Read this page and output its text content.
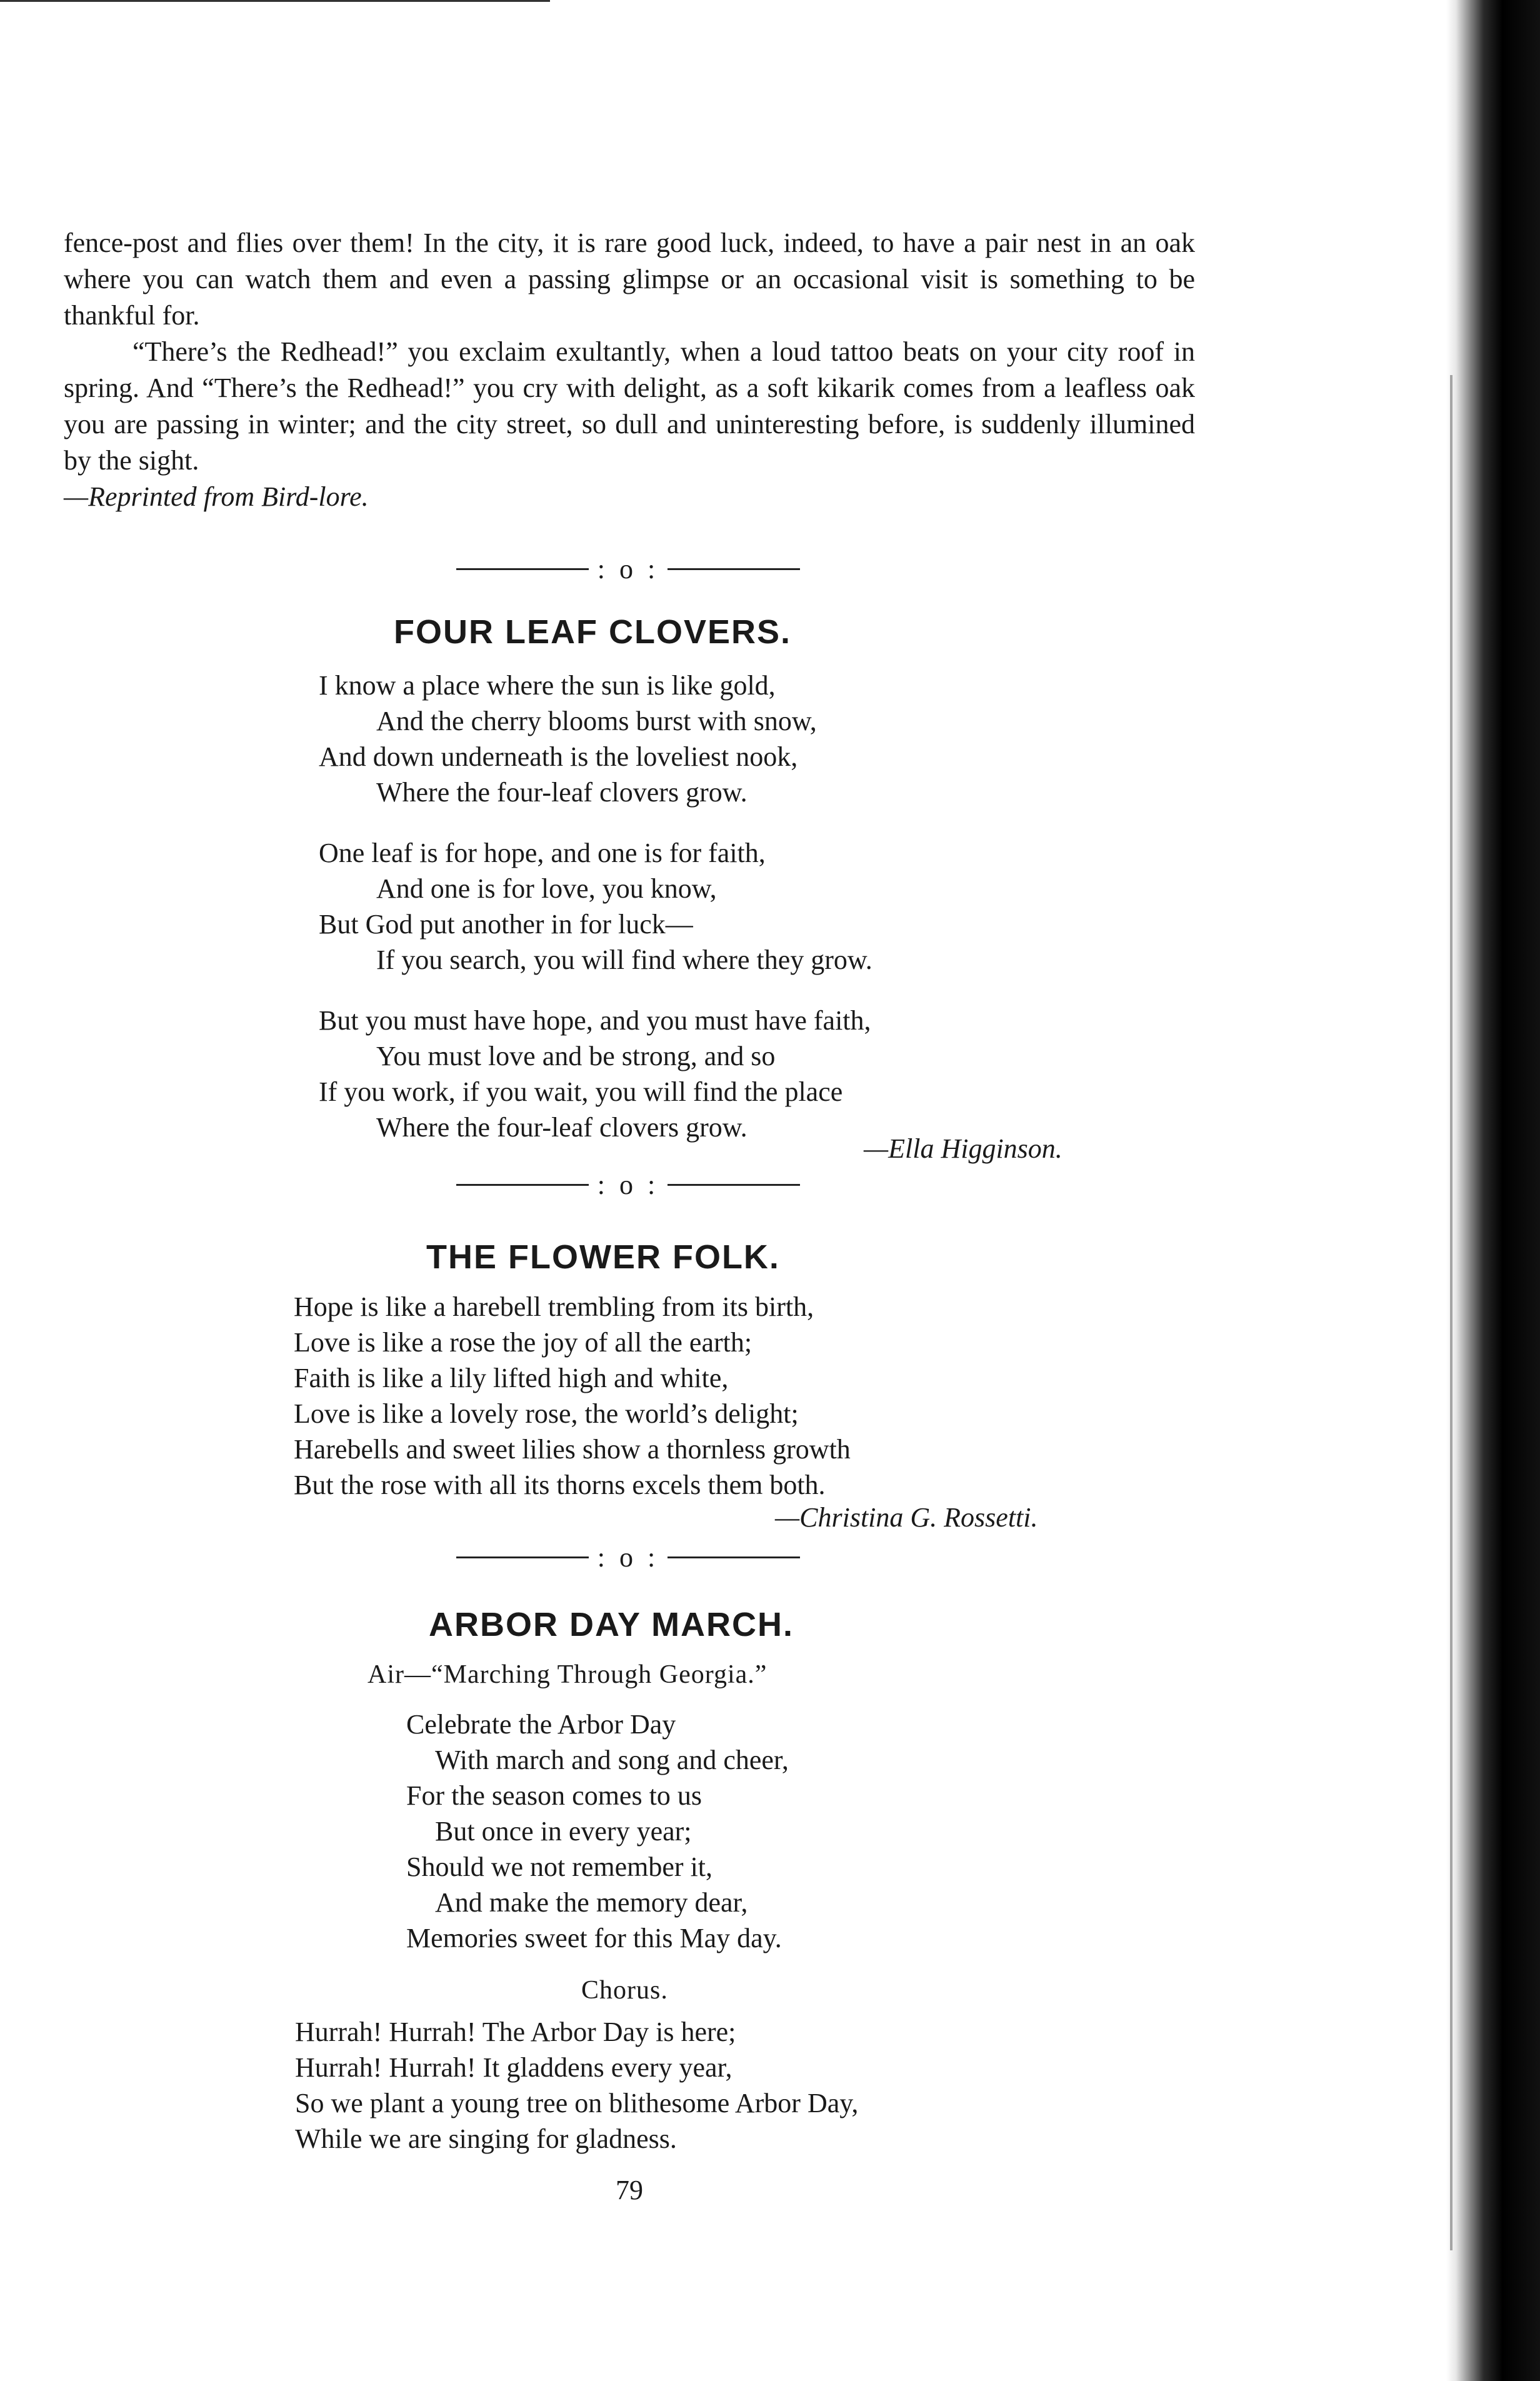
fence-post and flies over them! In the city, it is rare good luck, indeed, to have a pair nest in an oak where you can watch them and even a passing glimpse or an occasional visit is something to be thankful for.

“There’s the Redhead!” you exclaim exultantly, when a loud tattoo beats on your city roof in spring. And “There’s the Redhead!” you cry with delight, as a soft kikarik comes from a leafless oak you are passing in winter; and the city street, so dull and uninteresting before, is suddenly illumined by the sight.

—Reprinted from Bird-lore.

: o :
FOUR LEAF CLOVERS.
I know a place where the sun is like gold,
And the cherry blooms burst with snow,
And down underneath is the loveliest nook,
Where the four-leaf clovers grow.
One leaf is for hope, and one is for faith,
And one is for love, you know,
But God put another in for luck—
If you search, you will find where they grow.
But you must have hope, and you must have faith,
You must love and be strong, and so
If you work, if you wait, you will find the place
Where the four-leaf clovers grow.
—Ella Higginson.
: o :
THE FLOWER FOLK.
Hope is like a harebell trembling from its birth,
Love is like a rose the joy of all the earth;
Faith is like a lily lifted high and white,
Love is like a lovely rose, the world’s delight;
Harebells and sweet lilies show a thornless growth
But the rose with all its thorns excels them both.
—Christina G. Rossetti.
: o :
ARBOR DAY MARCH.
Air—“Marching Through Georgia.”
Celebrate the Arbor Day
With march and song and cheer,
For the season comes to us
But once in every year;
Should we not remember it,
And make the memory dear,
Memories sweet for this May day.
Chorus.
Hurrah! Hurrah! The Arbor Day is here;
Hurrah! Hurrah! It gladdens every year,
So we plant a young tree on blithesome Arbor Day,
While we are singing for gladness.
79
